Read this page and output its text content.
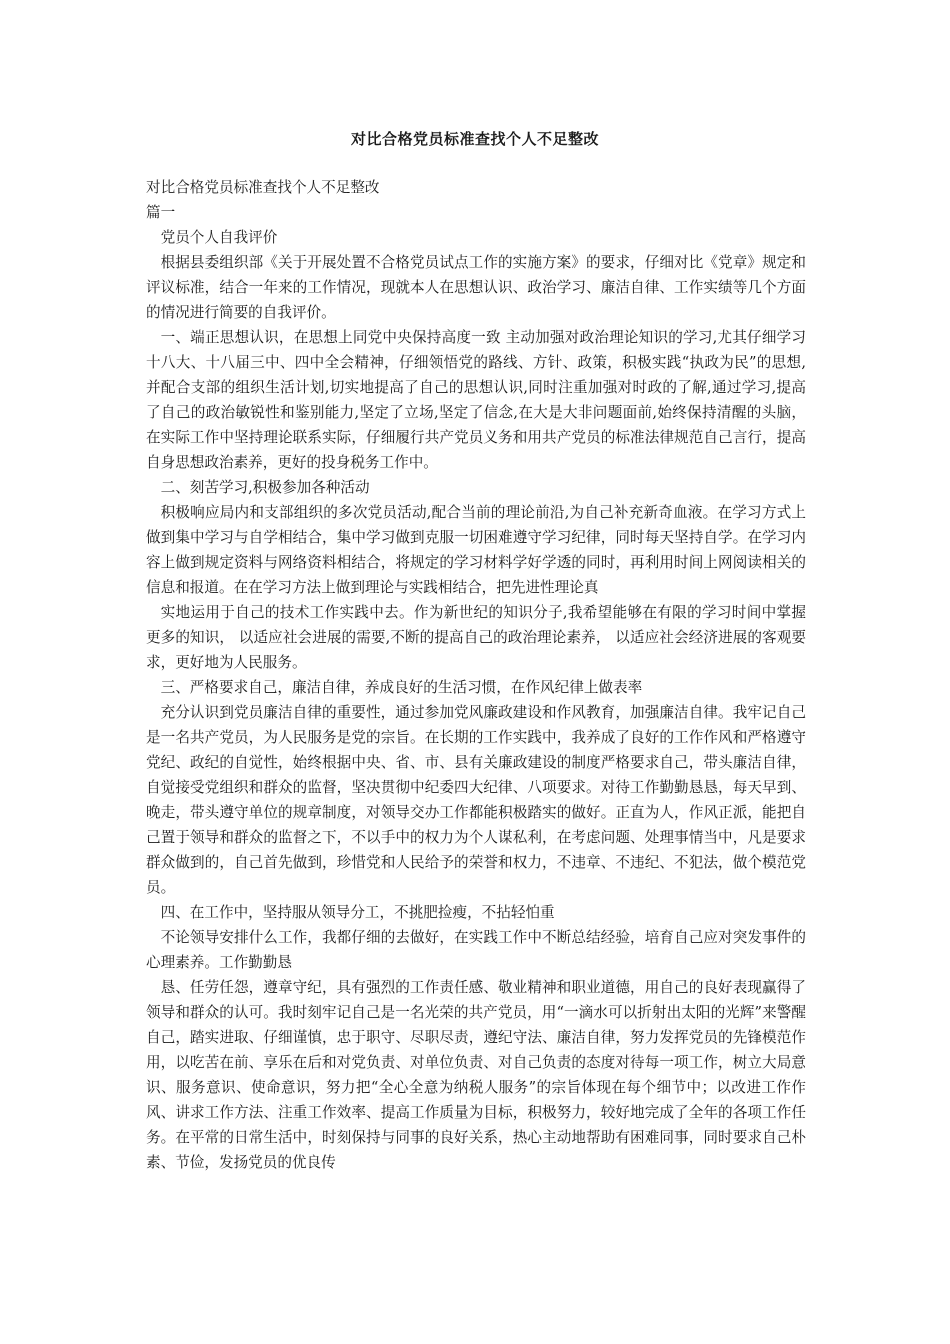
对比合格党员标准查找个人不足整改

对比合格党员标准查找个人不足整改

篇一

党员个人自我评价

根据县委组织部《关于开展处置不合格党员试点工作的实施方案》的要求，仔细对比《党章》规定和评议标准，结合一年来的工作情况，现就本人在思想认识、政治学习、廉洁自律、工作实绩等几个方面的情况进行简要的自我评价。

一、端正思想认识，在思想上同党中央保持高度一致 主动加强对政治理论知识的学习,尤其仔细学习十八大、十八届三中、四中全会精神，仔细领悟党的路线、方针、政策，积极实践“执政为民”的思想,并配合支部的组织生活计划,切实地提高了自己的思想认识,同时注重加强对时政的了解,通过学习,提高了自己的政治敏锐性和鉴别能力,坚定了立场,坚定了信念,在大是大非问题面前,始终保持清醒的头脑，在实际工作中坚持理论联系实际，仔细履行共产党员义务和用共产党员的标准法律规范自己言行，提高自身思想政治素养，更好的投身税务工作中。

二、刻苦学习,积极参加各种活动

积极响应局内和支部组织的多次党员活动,配合当前的理论前沿,为自己补充新奇血液。在学习方式上做到集中学习与自学相结合，集中学习做到克服一切困难遵守学习纪律，同时每天坚持自学。在学习内容上做到规定资料与网络资料相结合，将规定的学习材料学好学透的同时，再利用时间上网阅读相关的信息和报道。在在学习方法上做到理论与实践相结合，把先进性理论真

实地运用于自己的技术工作实践中去。作为新世纪的知识分子,我希望能够在有限的学习时间中掌握更多的知识， 以适应社会进展的需要,不断的提高自己的政治理论素养， 以适应社会经济进展的客观要求，更好地为人民服务。

三、严格要求自己，廉洁自律，养成良好的生活习惯，在作风纪律上做表率

充分认识到党员廉洁自律的重要性，通过参加党风廉政建设和作风教育，加强廉洁自律。我牢记自己是一名共产党员，为人民服务是党的宗旨。在长期的工作实践中，我养成了良好的工作作风和严格遵守党纪、政纪的自觉性，始终根据中央、省、市、县有关廉政建设的制度严格要求自己，带头廉洁自律，自觉接受党组织和群众的监督，坚决贯彻中纪委四大纪律、八项要求。对待工作勤勤恳恳，每天早到、晚走，带头遵守单位的规章制度，对领导交办工作都能积极踏实的做好。正直为人，作风正派，能把自己置于领导和群众的监督之下，不以手中的权力为个人谋私利，在考虑问题、处理事情当中，凡是要求群众做到的，自己首先做到，珍惜党和人民给予的荣誉和权力，不违章、不违纪、不犯法，做个模范党员。

四、在工作中，坚持服从领导分工，不挑肥捡瘦，不拈轻怕重

不论领导安排什么工作，我都仔细的去做好，在实践工作中不断总结经验，培育自己应对突发事件的心理素养。工作勤勤恳

恳、任劳任怨，遵章守纪，具有强烈的工作责任感、敬业精神和职业道德，用自己的良好表现赢得了领导和群众的认可。我时刻牢记自己是一名光荣的共产党员，用“一滴水可以折射出太阳的光辉”来警醒自己，踏实进取、仔细谨慎，忠于职守、尽职尽责，遵纪守法、廉洁自律，努力发挥党员的先锋模范作用，以吃苦在前、享乐在后和对党负责、对单位负责、对自己负责的态度对待每一项工作，树立大局意识、服务意识、使命意识，努力把“全心全意为纳税人服务”的宗旨体现在每个细节中；以改进工作作风、讲求工作方法、注重工作效率、提高工作质量为目标，积极努力，较好地完成了全年的各项工作任务。在平常的日常生活中，时刻保持与同事的良好关系，热心主动地帮助有困难同事，同时要求自己朴素、节俭，发扬党员的优良传
